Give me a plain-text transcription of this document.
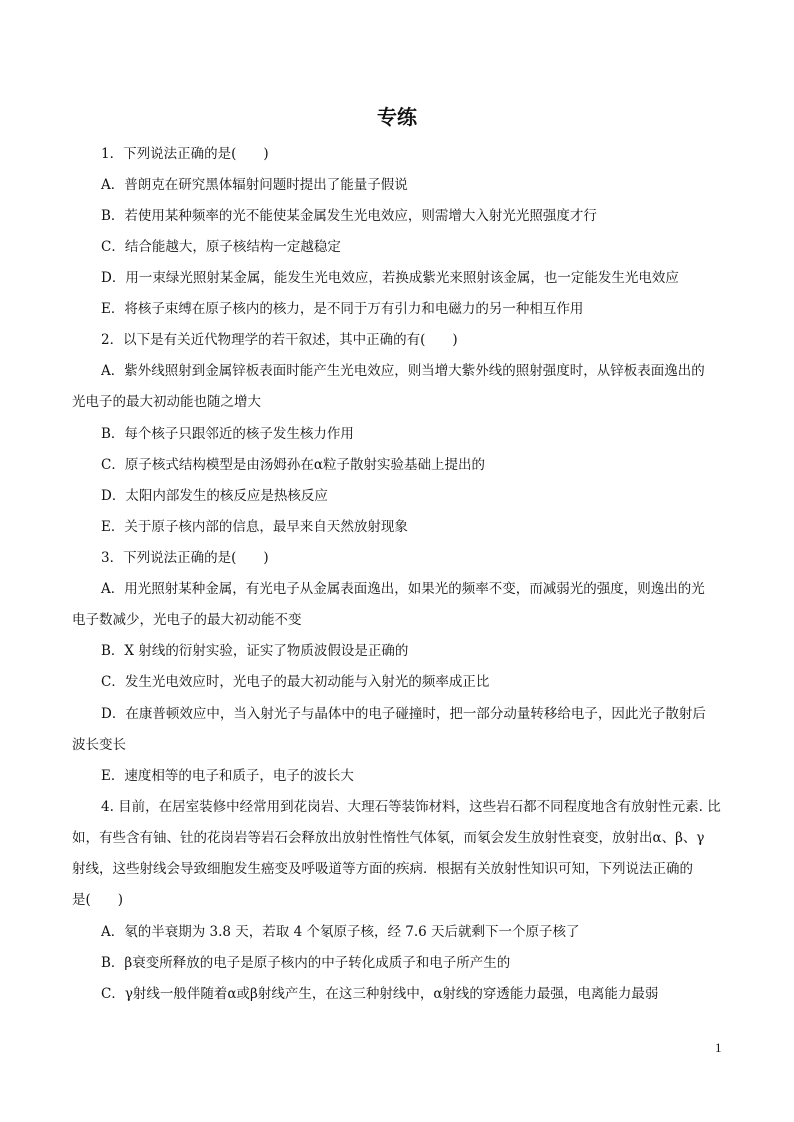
专练
1．下列说法正确的是(　　)
A．普朗克在研究黑体辐射问题时提出了能量子假说
B．若使用某种频率的光不能使某金属发生光电效应，则需增大入射光光照强度才行
C．结合能越大，原子核结构一定越稳定
D．用一束绿光照射某金属，能发生光电效应，若换成紫光来照射该金属，也一定能发生光电效应
E．将核子束缚在原子核内的核力，是不同于万有引力和电磁力的另一种相互作用
2．以下是有关近代物理学的若干叙述，其中正确的有(　　)
A．紫外线照射到金属锌板表面时能产生光电效应，则当增大紫外线的照射强度时，从锌板表面逸出的
光电子的最大初动能也随之增大
B．每个核子只跟邻近的核子发生核力作用
C．原子核式结构模型是由汤姆孙在α粒子散射实验基础上提出的
D．太阳内部发生的核反应是热核反应
E．关于原子核内部的信息，最早来自天然放射现象
3．下列说法正确的是(　　)
A．用光照射某种金属，有光电子从金属表面逸出，如果光的频率不变，而减弱光的强度，则逸出的光
电子数减少，光电子的最大初动能不变
B．X 射线的衍射实验，证实了物质波假设是正确的
C．发生光电效应时，光电子的最大初动能与入射光的频率成正比
D．在康普顿效应中，当入射光子与晶体中的电子碰撞时，把一部分动量转移给电子，因此光子散射后
波长变长
E．速度相等的电子和质子，电子的波长大
4. 目前，在居室装修中经常用到花岗岩、大理石等装饰材料，这些岩石都不同程度地含有放射性元素. 比
如，有些含有铀、钍的花岗岩等岩石会释放出放射性惰性气体氡，而氡会发生放射性衰变，放射出α、β、γ
射线，这些射线会导致细胞发生癌变及呼吸道等方面的疾病．根据有关放射性知识可知，下列说法正确的
是(　　)
A．氡的半衰期为 3.8 天，若取 4 个氡原子核，经 7.6 天后就剩下一个原子核了
B．β衰变所释放的电子是原子核内的中子转化成质子和电子所产生的
C．γ射线一般伴随着α或β射线产生，在这三种射线中，α射线的穿透能力最强，电离能力最弱
1
